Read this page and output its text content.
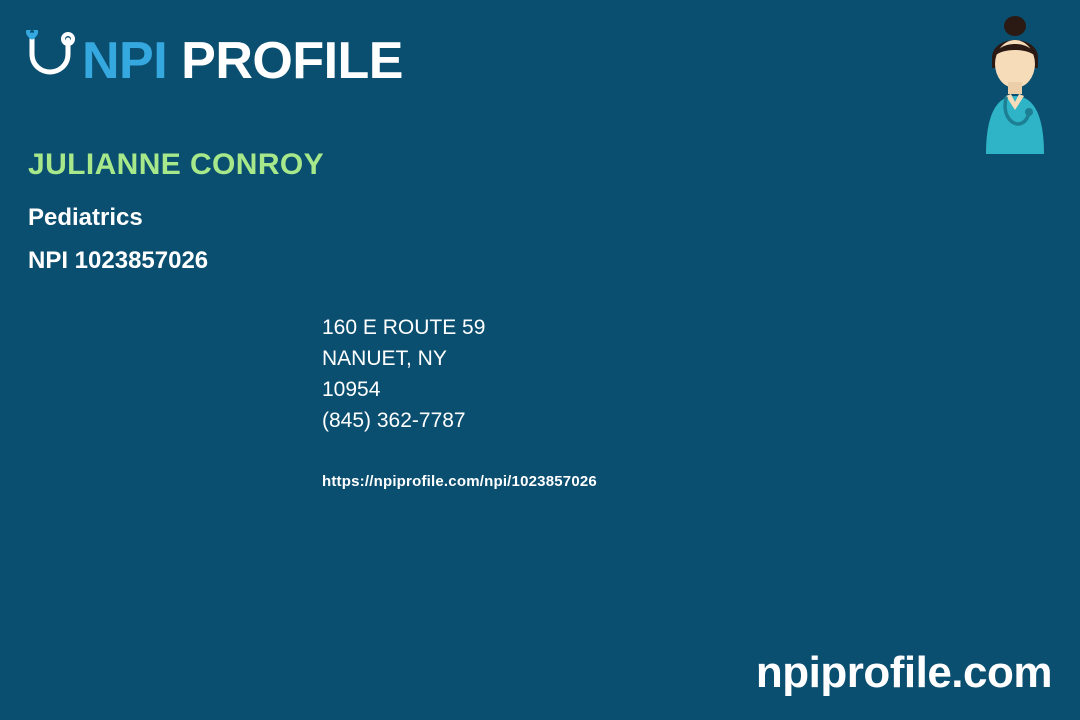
NPI PROFILE
JULIANNE CONROY
Pediatrics
NPI 1023857026
160 E ROUTE 59
NANUET, NY
10954
(845) 362-7787
https://npiprofile.com/npi/1023857026
npiprofile.com
